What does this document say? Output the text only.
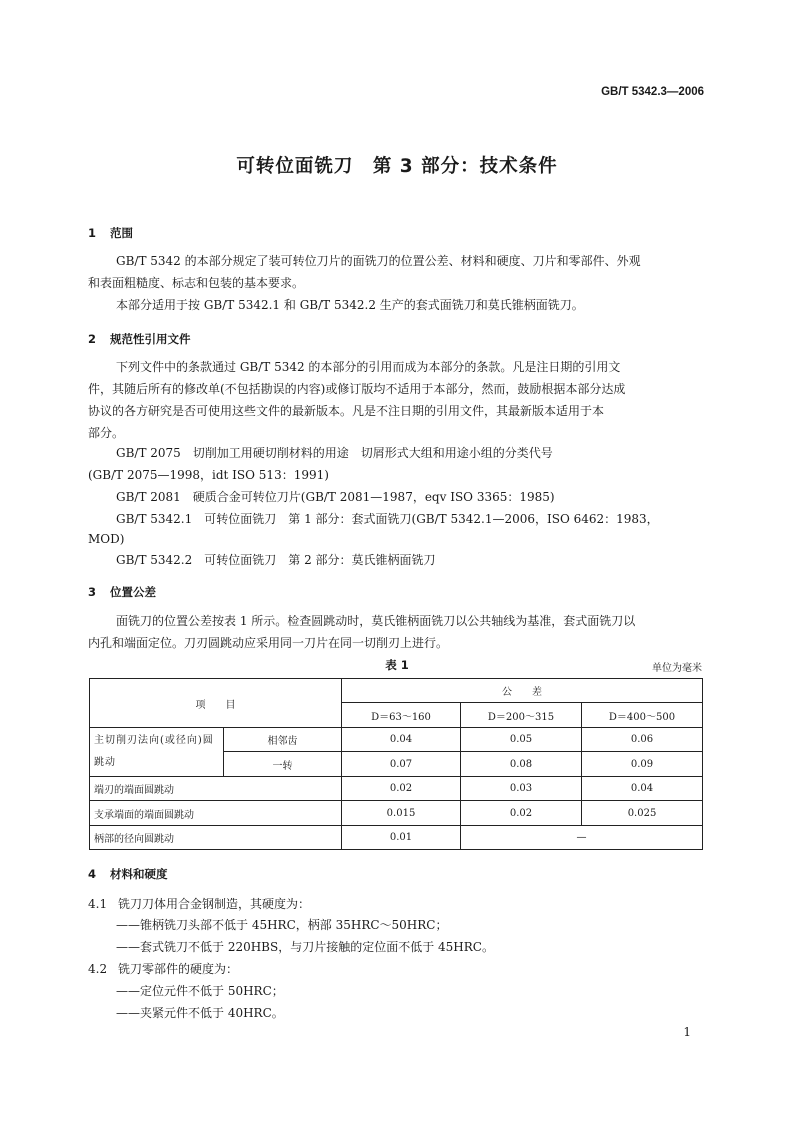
GB/T 5342.3—2006
可转位面铣刀　第 3 部分：技术条件
1 范围
GB/T 5342 的本部分规定了装可转位刀片的面铣刀的位置公差、材料和硬度、刀片和零部件、外观
和表面粗糙度、标志和包装的基本要求。
本部分适用于按 GB/T 5342.1 和 GB/T 5342.2 生产的套式面铣刀和莫氏锥柄面铣刀。
2 规范性引用文件
下列文件中的条款通过 GB/T 5342 的本部分的引用而成为本部分的条款。凡是注日期的引用文
件，其随后所有的修改单(不包括勘误的内容)或修订版均不适用于本部分，然而，鼓励根据本部分达成
协议的各方研究是否可使用这些文件的最新版本。凡是不注日期的引用文件，其最新版本适用于本
部分。
GB/T 2075　切削加工用硬切削材料的用途　切屑形式大组和用途小组的分类代号
(GB/T 2075—1998，idt ISO 513：1991)
GB/T 2081　硬质合金可转位刀片(GB/T 2081—1987，eqv ISO 3365：1985)
GB/T 5342.1　可转位面铣刀　第 1 部分：套式面铣刀(GB/T 5342.1—2006，ISO 6462：1983，
MOD)
GB/T 5342.2　可转位面铣刀　第 2 部分：莫氏锥柄面铣刀
3 位置公差
面铣刀的位置公差按表 1 所示。检查圆跳动时，莫氏锥柄面铣刀以公共轴线为基准，套式面铣刀以
内孔和端面定位。刀刃圆跳动应采用同一刀片在同一切削刃上进行。
表 1	单位为毫米
项　　目		公　　差		
		D＝63～160	D＝200～315	D＝400～500
主切削刃法向(或径向)圆跳动	相邻齿	0.04	0.05	0.06
	一转	0.07	0.08	0.09
端刃的端面圆跳动		0.02	0.03	0.04
支承端面的端面圆跳动		0.015	0.02	0.025
柄部的径向圆跳动		0.01	—	
4 材料和硬度
4.1 铣刀刀体用合金钢制造，其硬度为：
——锥柄铣刀头部不低于 45HRC，柄部 35HRC～50HRC；
——套式铣刀不低于 220HBS，与刀片接触的定位面不低于 45HRC。
4.2 铣刀零部件的硬度为：
——定位元件不低于 50HRC；
——夹紧元件不低于 40HRC。
1
